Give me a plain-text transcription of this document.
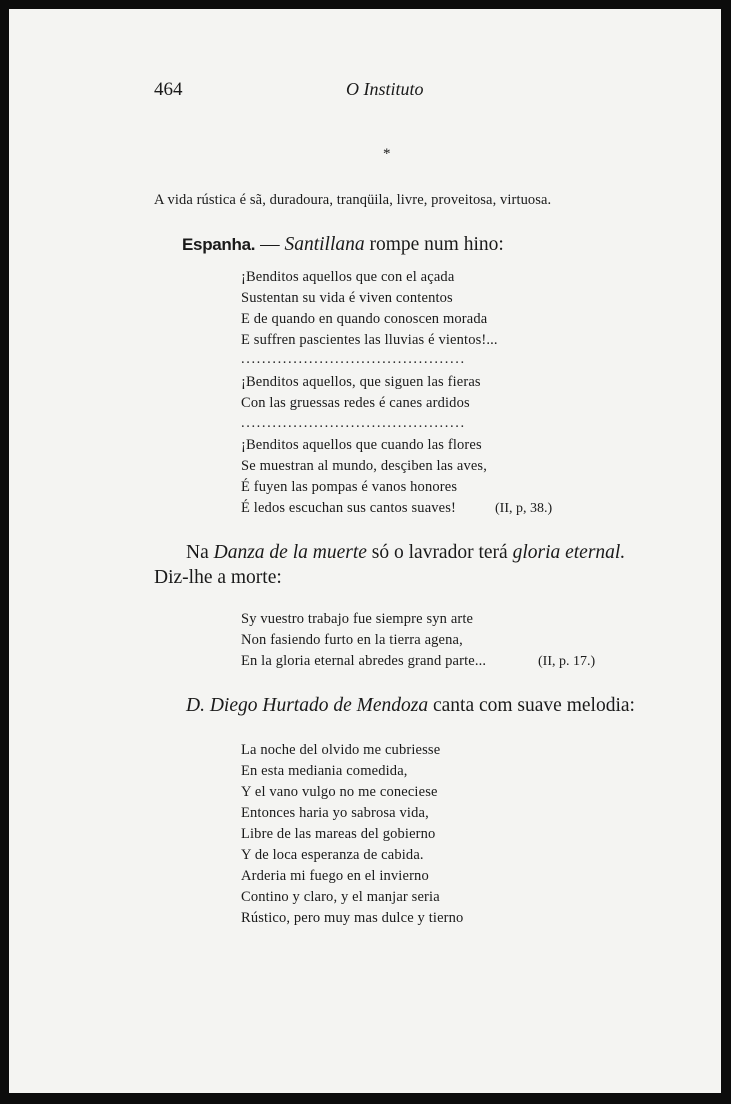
464	O Instituto
*
A vida rústica é sã, duradoura, tranqüila, livre, proveitosa, virtuosa.
Espanha. — Santillana rompe num hino:
¡Benditos aquellos que con el açada
Sustentan su vida é viven contentos
E de quando en quando conoscen morada
E suffren pascientes las lluvias é vientos!...
...........................................
¡Benditos aquellos, que siguen las fieras
Con las gruessas redes é canes ardidos
...........................................
¡Benditos aquellos que cuando las flores
Se muestran al mundo, desçiben las aves,
É fuyen las pompas é vanos honores
É ledos escuchan sus cantos suaves!	(II, p, 38.)
Na Danza de la muerte só o lavrador terá gloria eternal.
Diz-lhe a morte:
Sy vuestro trabajo fue siempre syn arte
Non fasiendo furto en la tierra agena,
En la gloria eternal abredes grand parte...	(II, p. 17.)
D. Diego Hurtado de Mendoza canta com suave melodia:
La noche del olvido me cubriesse
En esta mediania comedida,
Y el vano vulgo no me coneciese
Entonces haria yo sabrosa vida,
Libre de las mareas del gobierno
Y de loca esperanza de cabida.
Arderia mi fuego en el invierno
Contino y claro, y el manjar seria
Rústico, pero muy mas dulce y tierno
